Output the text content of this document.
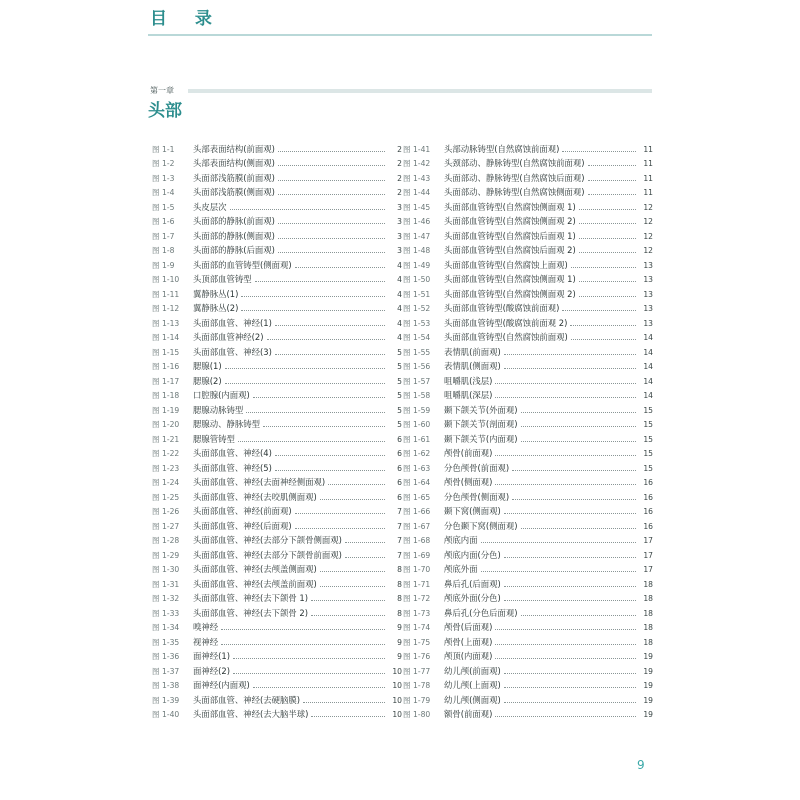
目 录
第一章
头部
图 1-1	头部表面结构(前面观)	2
图 1-2	头部表面结构(侧面观)	2
图 1-3	头面部浅筋膜(前面观)	2
图 1-4	头面部浅筋膜(侧面观)	2
图 1-5	头皮层次	3
图 1-6	头面部的静脉(前面观)	3
图 1-7	头面部的静脉(侧面观)	3
图 1-8	头面部的静脉(后面观)	3
图 1-9	头面部的血管铸型(侧面观)	4
图 1-10	头顶部血管铸型	4
图 1-11	翼静脉丛(1)	4
图 1-12	翼静脉丛(2)	4
图 1-13	头面部血管、神经(1)	4
图 1-14	头面部血管神经(2)	4
图 1-15	头面部血管、神经(3)	5
图 1-16	腮腺(1)	5
图 1-17	腮腺(2)	5
图 1-18	口腔腺(内面观)	5
图 1-19	腮腺动脉铸型	5
图 1-20	腮腺动、静脉铸型	5
图 1-21	腮腺管铸型	6
图 1-22	头面部血管、神经(4)	6
图 1-23	头面部血管、神经(5)	6
图 1-24	头面部血管、神经(去面神经侧面观)	6
图 1-25	头面部血管、神经(去咬肌侧面观)	6
图 1-26	头面部血管、神经(前面观)	7
图 1-27	头面部血管、神经(后面观)	7
图 1-28	头面部血管、神经(去部分下颌骨侧面观)	7
图 1-29	头面部血管、神经(去部分下颌骨前面观)	7
图 1-30	头面部血管、神经(去颅盖侧面观)	8
图 1-31	头面部血管、神经(去颅盖前面观)	8
图 1-32	头面部血管、神经(去下颌骨 1)	8
图 1-33	头面部血管、神经(去下颌骨 2)	8
图 1-34	嗅神经	9
图 1-35	视神经	9
图 1-36	面神经(1)	9
图 1-37	面神经(2)	10
图 1-38	面神经(内面观)	10
图 1-39	头面部血管、神经(去硬脑膜)	10
图 1-40	头面部血管、神经(去大脑半球)	10
图 1-41	头部动脉铸型(自然腐蚀前面观)	11
图 1-42	头颈部动、静脉铸型(自然腐蚀前面观)	11
图 1-43	头面部动、静脉铸型(自然腐蚀后面观)	11
图 1-44	头面部动、静脉铸型(自然腐蚀侧面观)	11
图 1-45	头面部血管铸型(自然腐蚀侧面观 1)	12
图 1-46	头面部血管铸型(自然腐蚀侧面观 2)	12
图 1-47	头面部血管铸型(自然腐蚀后面观 1)	12
图 1-48	头面部血管铸型(自然腐蚀后面观 2)	12
图 1-49	头面部血管铸型(自然腐蚀上面观)	13
图 1-50	头面部血管铸型(自然腐蚀侧面观 1)	13
图 1-51	头面部血管铸型(自然腐蚀侧面观 2)	13
图 1-52	头面部血管铸型(酸腐蚀前面观)	13
图 1-53	头面部血管铸型(酸腐蚀前面观 2)	13
图 1-54	头面部血管铸型(自然腐蚀前面观)	14
图 1-55	表情肌(前面观)	14
图 1-56	表情肌(侧面观)	14
图 1-57	咀嚼肌(浅层)	14
图 1-58	咀嚼肌(深层)	14
图 1-59	颞下颌关节(外面观)	15
图 1-60	颞下颌关节(剖面观)	15
图 1-61	颞下颌关节(内面观)	15
图 1-62	颅骨(前面观)	15
图 1-63	分色颅骨(前面观)	15
图 1-64	颅骨(侧面观)	16
图 1-65	分色颅骨(侧面观)	16
图 1-66	颞下窝(侧面观)	16
图 1-67	分色颞下窝(侧面观)	16
图 1-68	颅底内面	17
图 1-69	颅底内面(分色)	17
图 1-70	颅底外面	17
图 1-71	鼻后孔(后面观)	18
图 1-72	颅底外面(分色)	18
图 1-73	鼻后孔(分色后面观)	18
图 1-74	颅骨(后面观)	18
图 1-75	颅骨(上面观)	18
图 1-76	颅顶(内面观)	19
图 1-77	幼儿颅(前面观)	19
图 1-78	幼儿颅(上面观)	19
图 1-79	幼儿颅(侧面观)	19
图 1-80	额骨(前面观)	19
9
